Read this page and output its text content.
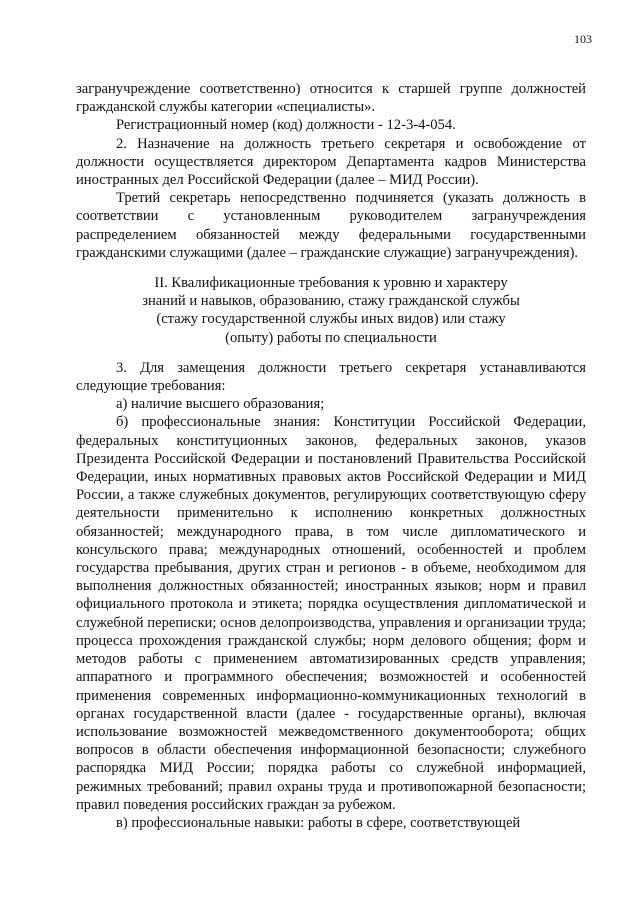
103

загранучреждение соответственно) относится к старшей группе должностей гражданской службы категории «специалисты».

Регистрационный номер (код) должности - 12-3-4-054.

2. Назначение на должность третьего секретаря и освобождение от должности осуществляется директором Департамента кадров Министерства иностранных дел Российской Федерации (далее – МИД России).

Третий секретарь непосредственно подчиняется (указать должность в соответствии с установленным руководителем загранучреждения распределением обязанностей между федеральными государственными гражданскими служащими (далее – гражданские служащие) загранучреждения).

II. Квалификационные требования к уровню и характеру
знаний и навыков, образованию, стажу гражданской службы
(стажу государственной службы иных видов) или стажу
(опыту) работы по специальности

3. Для замещения должности третьего секретаря устанавливаются следующие требования:

а) наличие высшего образования;

б) профессиональные знания: Конституции Российской Федерации, федеральных конституционных законов, федеральных законов, указов Президента Российской Федерации и постановлений Правительства Российской Федерации, иных нормативных правовых актов Российской Федерации и МИД России, а также служебных документов, регулирующих соответствующую сферу деятельности применительно к исполнению конкретных должностных обязанностей; международного права, в том числе дипломатического и консульского права; международных отношений, особенностей и проблем государства пребывания, других стран и регионов - в объеме, необходимом для выполнения должностных обязанностей; иностранных языков; норм и правил официального протокола и этикета; порядка осуществления дипломатической и служебной переписки; основ делопроизводства, управления и организации труда; процесса прохождения гражданской службы; норм делового общения; форм и методов работы с применением автоматизированных средств управления; аппаратного и программного обеспечения; возможностей и особенностей применения современных информационно-коммуникационных технологий в органах государственной власти (далее - государственные органы), включая использование возможностей межведомственного документооборота; общих вопросов в области обеспечения информационной безопасности; служебного распорядка МИД России; порядка работы со служебной информацией, режимных требований; правил охраны труда и противопожарной безопасности; правил поведения российских граждан за рубежом.

в) профессиональные навыки: работы в сфере, соответствующей
